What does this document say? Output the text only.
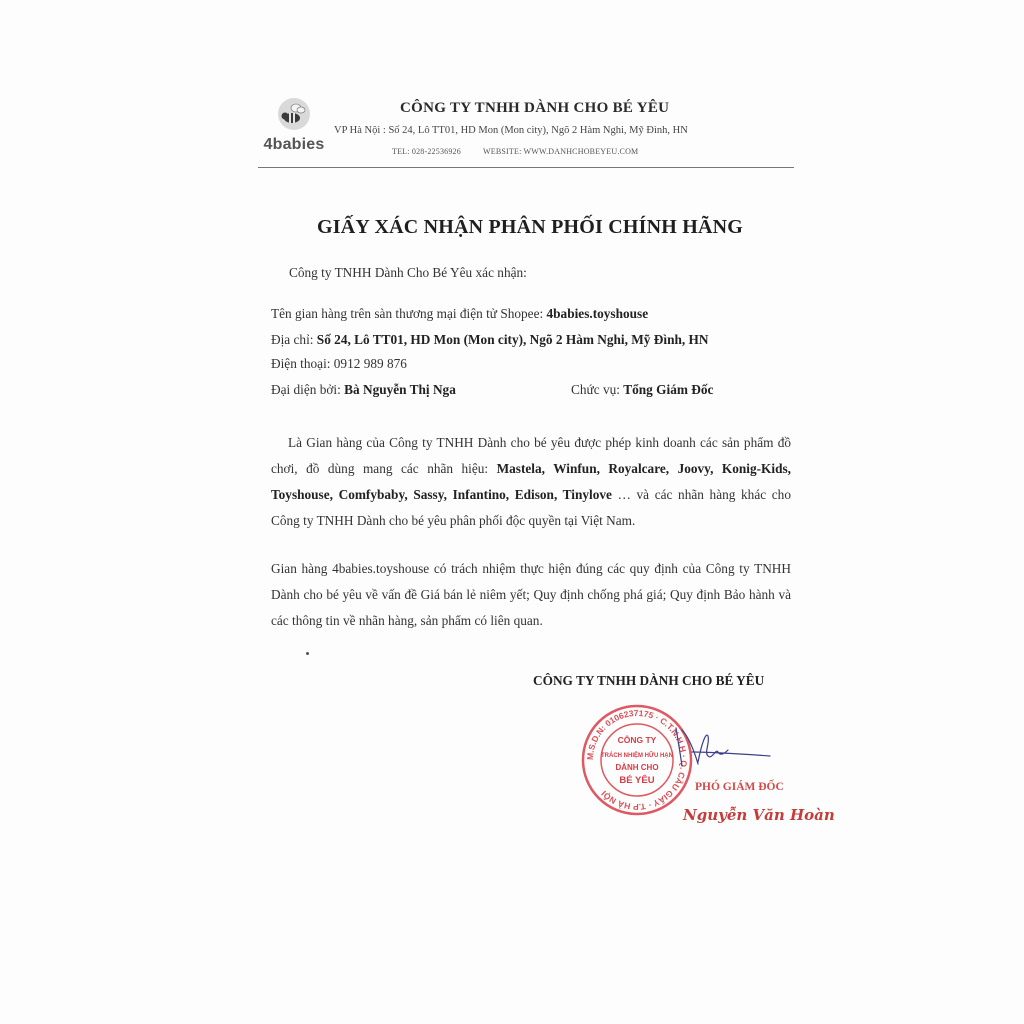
4babies
CÔNG TY TNHH DÀNH CHO BÉ YÊU
VP Hà Nội : Số 24, Lô TT01, HD Mon (Mon city), Ngõ 2 Hàm Nghi, Mỹ Đình, HN
TEL: 028-22536926	WEBSITE: WWW.DANHCHOBEYEU.COM
GIẤY XÁC NHẬN PHÂN PHỐI CHÍNH HÃNG
Công ty TNHH Dành Cho Bé Yêu xác nhận:
Tên gian hàng trên sàn thương mại điện tử Shopee: 4babies.toyshouse
Địa chỉ: Số 24, Lô TT01, HD Mon (Mon city), Ngõ 2 Hàm Nghi, Mỹ Đình, HN
Điện thoại: 0912 989 876
Đại diện bởi: Bà Nguyễn Thị Nga	Chức vụ: Tổng Giám Đốc
Là Gian hàng của Công ty TNHH Dành cho bé yêu được phép kinh doanh các sản phẩm đồ chơi, đồ dùng mang các nhãn hiệu: Mastela, Winfun, Royalcare, Joovy, Konig-Kids, Toyshouse, Comfybaby, Sassy, Infantino, Edison, Tinylove … và các nhãn hàng khác cho Công ty TNHH Dành cho bé yêu phân phối độc quyền tại Việt Nam.
Gian hàng 4babies.toyshouse có trách nhiệm thực hiện đúng các quy định của Công ty TNHH Dành cho bé yêu về vấn đề Giá bán lẻ niêm yết; Quy định chống phá giá; Quy định Bảo hành và các thông tin về nhãn hàng, sản phẩm có liên quan.
CÔNG TY TNHH DÀNH CHO BÉ YÊU
M.S.D.N: 0106237175 · C.T.N.H.H · Q. CẦU GIẤY · T.P HÀ NỘI
CÔNG TY
TRÁCH NHIỆM HỮU HẠN
DÀNH CHO
BÉ YÊU
PHÓ GIÁM ĐỐC
Nguyễn Văn Hoàn
